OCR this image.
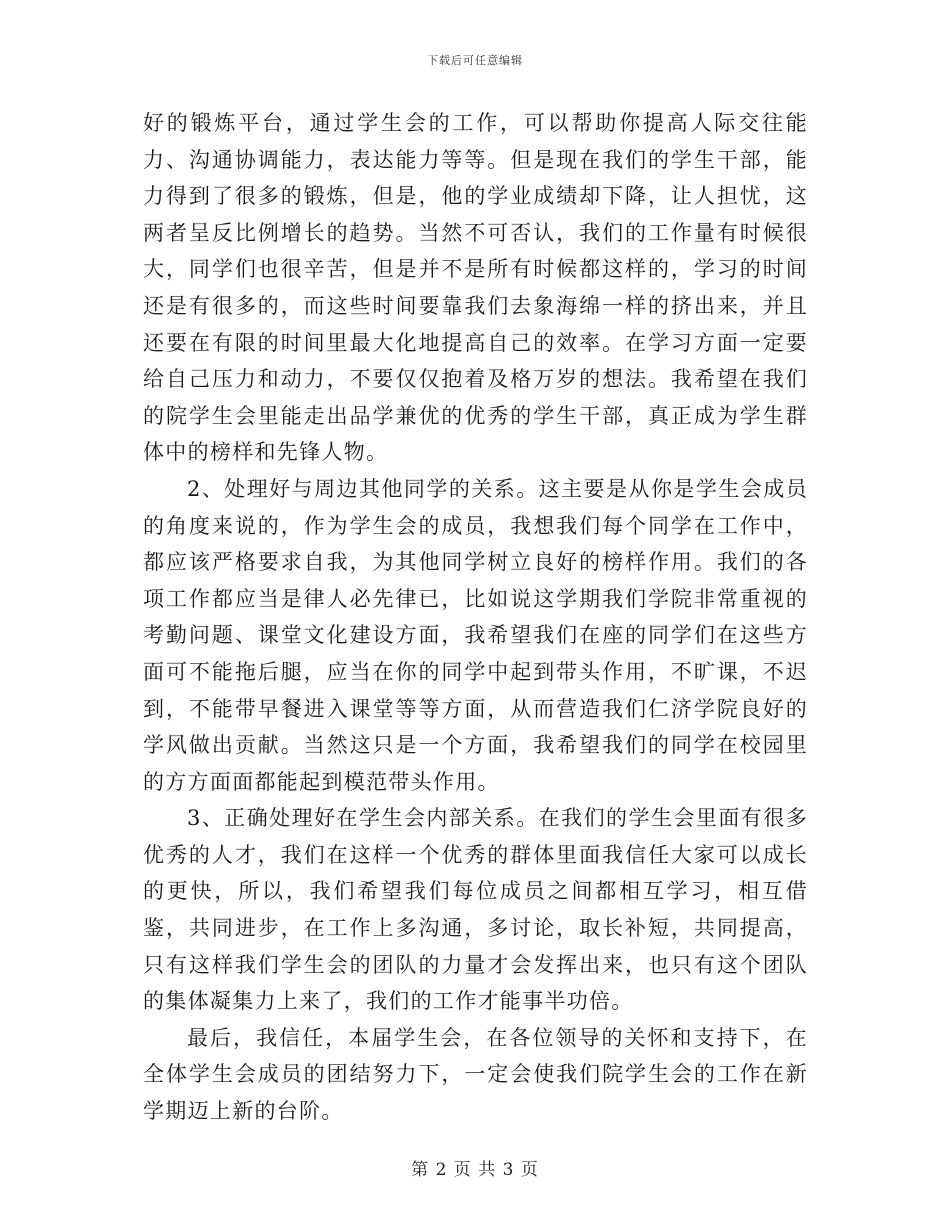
下载后可任意编辑

好的锻炼平台，通过学生会的工作，可以帮助你提高人际交往能力、沟通协调能力，表达能力等等。但是现在我们的学生干部，能力得到了很多的锻炼，但是，他的学业成绩却下降，让人担忧，这两者呈反比例增长的趋势。当然不可否认，我们的工作量有时候很大，同学们也很辛苦，但是并不是所有时候都这样的，学习的时间还是有很多的，而这些时间要靠我们去象海绵一样的挤出来，并且还要在有限的时间里最大化地提高自己的效率。在学习方面一定要给自己压力和动力，不要仅仅抱着及格万岁的想法。我希望在我们的院学生会里能走出品学兼优的优秀的学生干部，真正成为学生群体中的榜样和先锋人物。

2、处理好与周边其他同学的关系。这主要是从你是学生会成员的角度来说的，作为学生会的成员，我想我们每个同学在工作中，都应该严格要求自我，为其他同学树立良好的榜样作用。我们的各项工作都应当是律人必先律已，比如说这学期我们学院非常重视的考勤问题、课堂文化建设方面，我希望我们在座的同学们在这些方面可不能拖后腿，应当在你的同学中起到带头作用，不旷课，不迟到，不能带早餐进入课堂等等方面，从而营造我们仁济学院良好的学风做出贡献。当然这只是一个方面，我希望我们的同学在校园里的方方面面都能起到模范带头作用。

3、正确处理好在学生会内部关系。在我们的学生会里面有很多优秀的人才，我们在这样一个优秀的群体里面我信任大家可以成长的更快，所以，我们希望我们每位成员之间都相互学习，相互借鉴，共同进步，在工作上多沟通，多讨论，取长补短，共同提高，只有这样我们学生会的团队的力量才会发挥出来，也只有这个团队的集体凝集力上来了，我们的工作才能事半功倍。

最后，我信任，本届学生会，在各位领导的关怀和支持下，在全体学生会成员的团结努力下，一定会使我们院学生会的工作在新学期迈上新的台阶。

第 2 页 共 3 页
